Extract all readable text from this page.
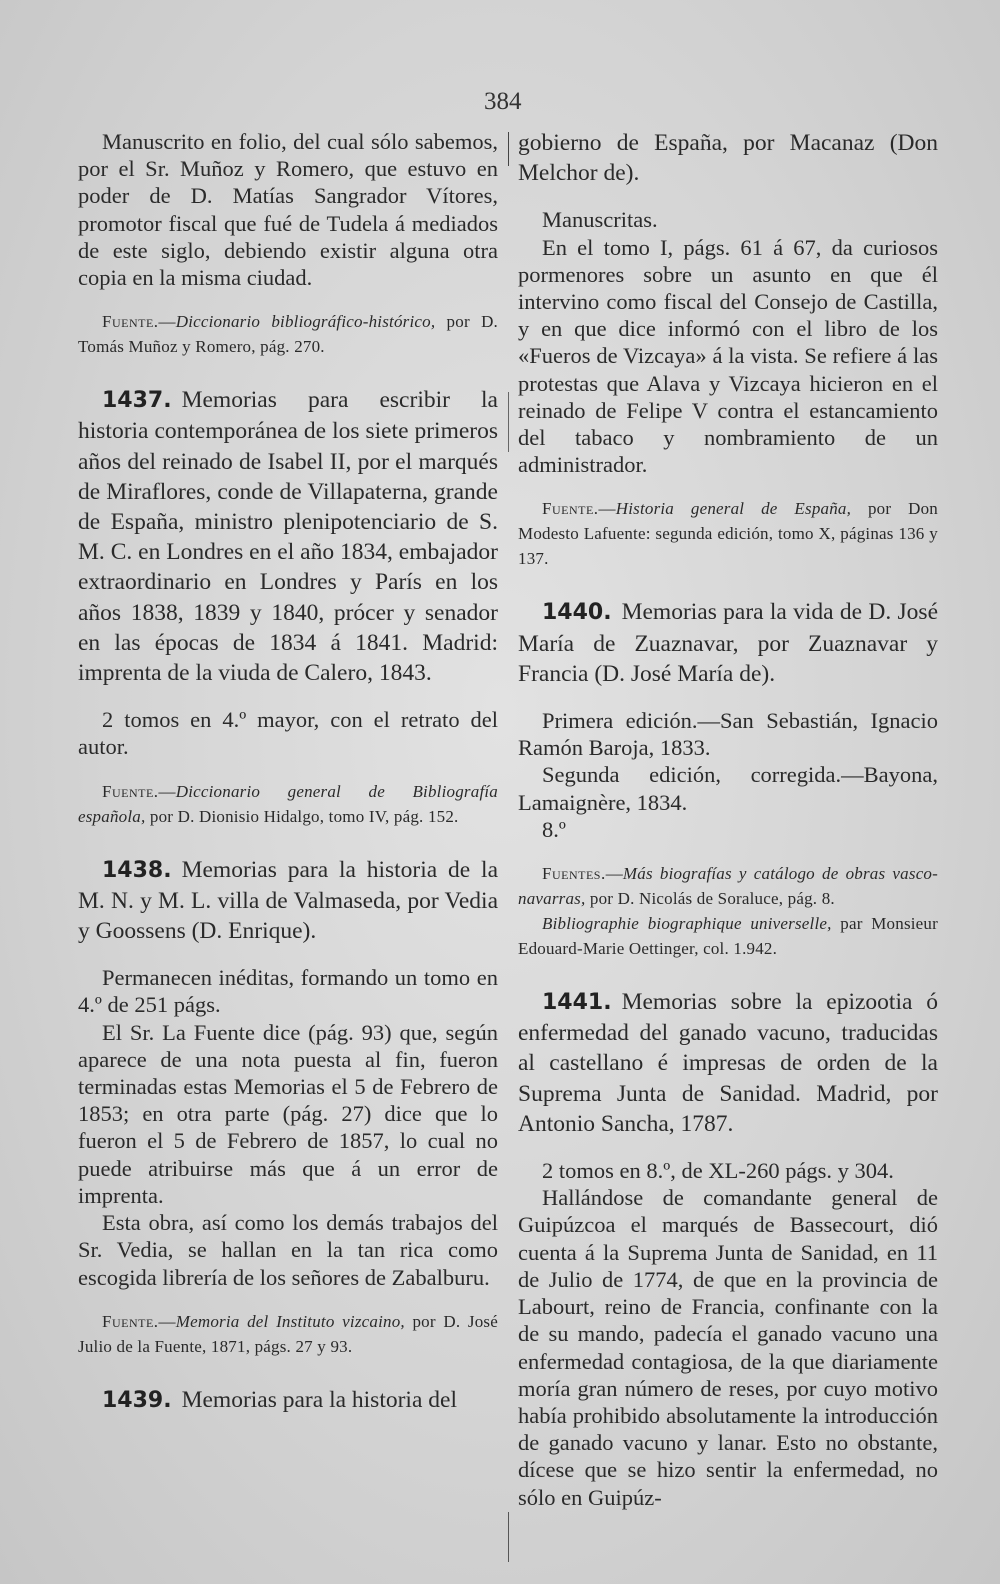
384

Manuscrito en folio, del cual sólo sabemos, por el Sr. Muñoz y Romero, que estuvo en poder de D. Matías Sangrador Vítores, promotor fiscal que fué de Tudela á mediados de este siglo, debiendo existir alguna otra copia en la misma ciudad.

Fuente.—Diccionario bibliográfico-histórico, por D. Tomás Muñoz y Romero, pág. 270.

1437. Memorias para escribir la historia contemporánea de los siete primeros años del reinado de Isabel II, por el marqués de Miraflores, conde de Villapaterna, grande de España, ministro plenipotenciario de S. M. C. en Londres en el año 1834, embajador extraordinario en Londres y París en los años 1838, 1839 y 1840, prócer y senador en las épocas de 1834 á 1841. Madrid: imprenta de la viuda de Calero, 1843.

2 tomos en 4.º mayor, con el retrato del autor.

Fuente.—Diccionario general de Bibliografía española, por D. Dionisio Hidalgo, tomo IV, pág. 152.

1438. Memorias para la historia de la M. N. y M. L. villa de Valmaseda, por Vedia y Goossens (D. Enrique).

Permanecen inéditas, formando un tomo en 4.º de 251 págs.

El Sr. La Fuente dice (pág. 93) que, según aparece de una nota puesta al fin, fueron terminadas estas Memorias el 5 de Febrero de 1853; en otra parte (pág. 27) dice que lo fueron el 5 de Febrero de 1857, lo cual no puede atribuirse más que á un error de imprenta.

Esta obra, así como los demás trabajos del Sr. Vedia, se hallan en la tan rica como escogida librería de los señores de Zabalburu.

Fuente.—Memoria del Instituto vizcaino, por D. José Julio de la Fuente, 1871, págs. 27 y 93.

1439. Memorias para la historia del

gobierno de España, por Macanaz (Don Melchor de).

Manuscritas.

En el tomo I, págs. 61 á 67, da curiosos pormenores sobre un asunto en que él intervino como fiscal del Consejo de Castilla, y en que dice informó con el libro de los «Fueros de Vizcaya» á la vista. Se refiere á las protestas que Alava y Vizcaya hicieron en el reinado de Felipe V contra el estancamiento del tabaco y nombramiento de un administrador.

Fuente.—Historia general de España, por Don Modesto Lafuente: segunda edición, tomo X, páginas 136 y 137.

1440. Memorias para la vida de D. José María de Zuaznavar, por Zuaznavar y Francia (D. José María de).

Primera edición.—San Sebastián, Ignacio Ramón Baroja, 1833.

Segunda edición, corregida.—Bayona, Lamaignère, 1834.

8.º

Fuentes.—Más biografías y catálogo de obras vasco-navarras, por D. Nicolás de Soraluce, pág. 8.

Bibliographie biographique universelle, par Monsieur Edouard-Marie Oettinger, col. 1.942.

1441. Memorias sobre la epizootia ó enfermedad del ganado vacuno, traducidas al castellano é impresas de orden de la Suprema Junta de Sanidad. Madrid, por Antonio Sancha, 1787.

2 tomos en 8.º, de XL-260 págs. y 304.

Hallándose de comandante general de Guipúzcoa el marqués de Bassecourt, dió cuenta á la Suprema Junta de Sanidad, en 11 de Julio de 1774, de que en la provincia de Labourt, reino de Francia, confinante con la de su mando, padecía el ganado vacuno una enfermedad contagiosa, de la que diariamente moría gran número de reses, por cuyo motivo había prohibido absolutamente la introducción de ganado vacuno y lanar. Esto no obstante, dícese que se hizo sentir la enfermedad, no sólo en Guipúz-
